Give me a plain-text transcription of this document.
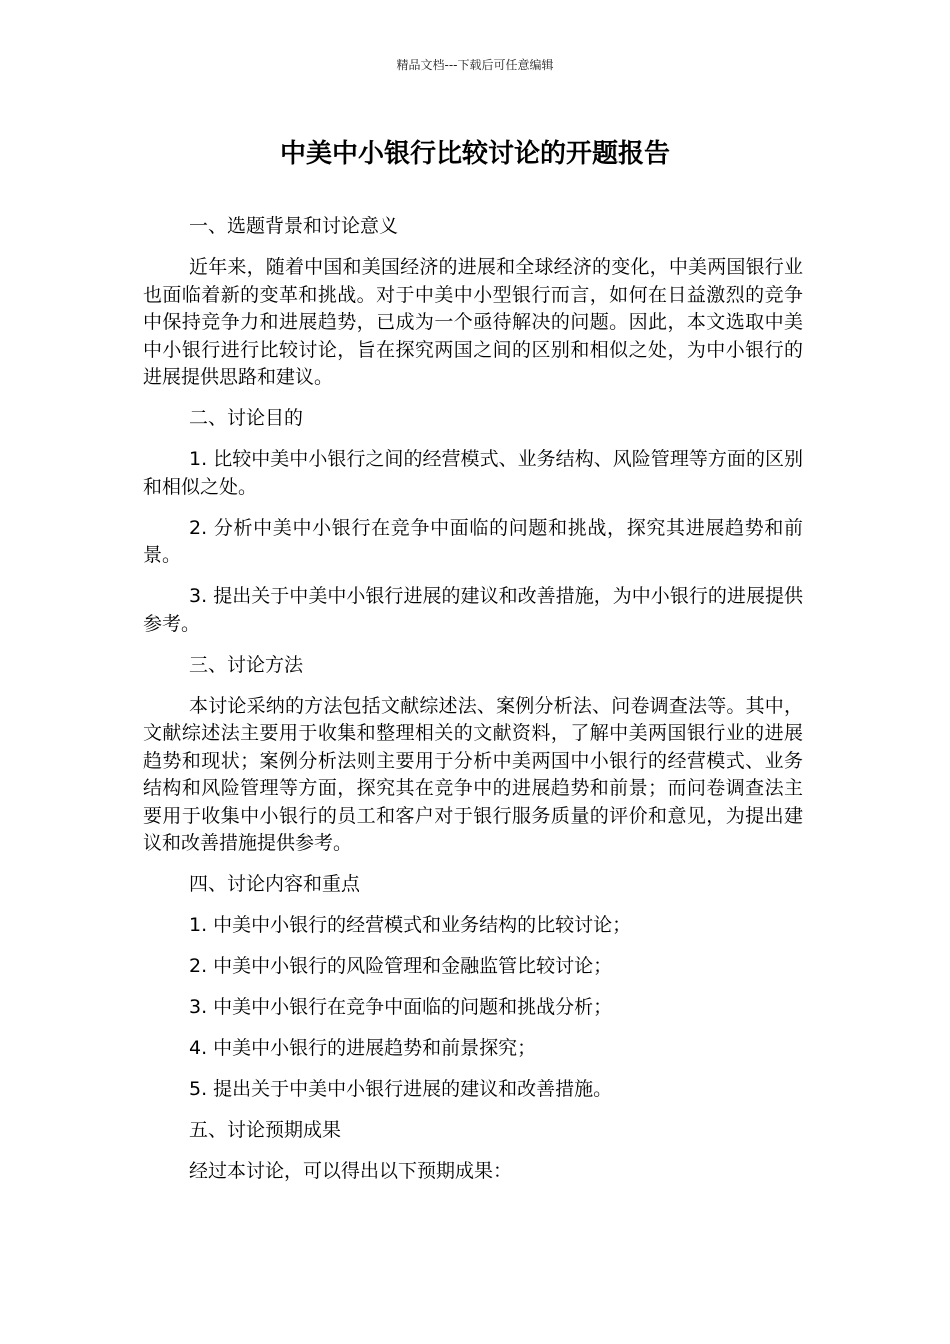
精品文档---下载后可任意编辑
中美中小银行比较讨论的开题报告

一、选题背景和讨论意义

近年来，随着中国和美国经济的进展和全球经济的变化，中美两国银行业也面临着新的变革和挑战。对于中美中小型银行而言，如何在日益激烈的竞争中保持竞争力和进展趋势，已成为一个亟待解决的问题。因此，本文选取中美中小银行进行比较讨论，旨在探究两国之间的区别和相似之处，为中小银行的进展提供思路和建议。

二、讨论目的

1. 比较中美中小银行之间的经营模式、业务结构、风险管理等方面的区别和相似之处。

2. 分析中美中小银行在竞争中面临的问题和挑战，探究其进展趋势和前景。

3. 提出关于中美中小银行进展的建议和改善措施，为中小银行的进展提供参考。

三、讨论方法

本讨论采纳的方法包括文献综述法、案例分析法、问卷调查法等。其中，文献综述法主要用于收集和整理相关的文献资料，了解中美两国银行业的进展趋势和现状；案例分析法则主要用于分析中美两国中小银行的经营模式、业务结构和风险管理等方面，探究其在竞争中的进展趋势和前景；而问卷调查法主要用于收集中小银行的员工和客户对于银行服务质量的评价和意见，为提出建议和改善措施提供参考。

四、讨论内容和重点

1. 中美中小银行的经营模式和业务结构的比较讨论；

2. 中美中小银行的风险管理和金融监管比较讨论；

3. 中美中小银行在竞争中面临的问题和挑战分析；

4. 中美中小银行的进展趋势和前景探究；

5. 提出关于中美中小银行进展的建议和改善措施。

五、讨论预期成果

经过本讨论，可以得出以下预期成果：
